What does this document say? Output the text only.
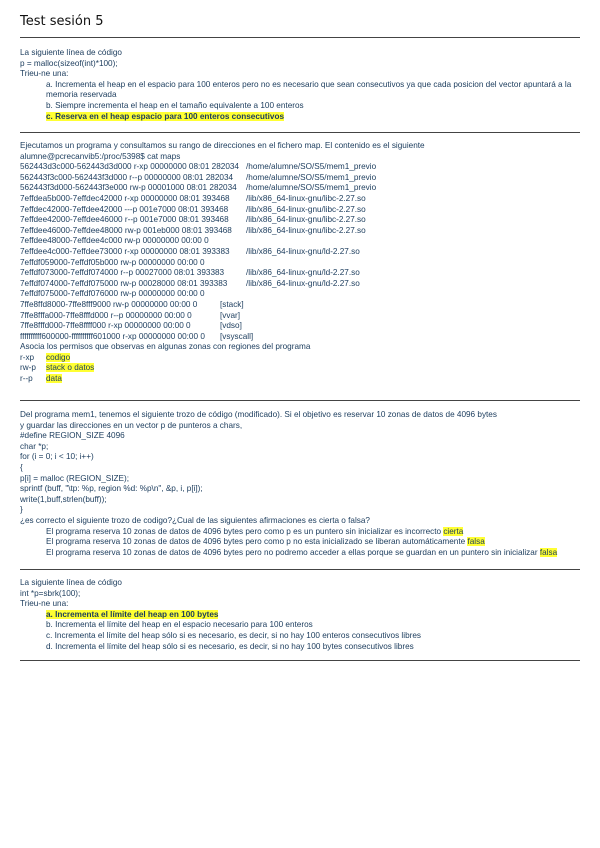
Test sesión 5
La siguiente línea de código
p = malloc(sizeof(int)*100);
Trieu-ne una:
a. Incrementa el heap en el espacio para 100 enteros pero no es necesario que sean consecutivos ya que cada posicion del vector apuntará a la
memoria reservada
b. Siempre incrementa el heap en el tamaño equivalente a 100 enteros
c. Reserva en el heap espacio para 100 enteros consecutivos
Ejecutamos un programa y consultamos su rango de direcciones en el fichero map. El contenido es el siguiente
alumne@pcrecanvib5:/proc/5398$ cat maps
562443d3c000-562443d3d000 r-xp 00000000 08:01 282034 /home/alumne/SO/S5/mem1_previo
562443f3c000-562443f3d000 r--p 00000000 08:01 282034 /home/alumne/SO/S5/mem1_previo
562443f3d000-562443f3e000 rw-p 00001000 08:01 282034 /home/alumne/SO/S5/mem1_previo
7effdea5b000-7effdec42000 r-xp 00000000 08:01 393468 /lib/x86_64-linux-gnu/libc-2.27.so
7effdec42000-7effdee42000 ---p 001e7000 08:01 393468 /lib/x86_64-linux-gnu/libc-2.27.so
7effdee42000-7effdee46000 r--p 001e7000 08:01 393468 /lib/x86_64-linux-gnu/libc-2.27.so
7effdee46000-7effdee48000 rw-p 001eb000 08:01 393468 /lib/x86_64-linux-gnu/libc-2.27.so
7effdee48000-7effdee4c000 rw-p 00000000 00:00 0
7effdee4c000-7effdee73000 r-xp 00000000 08:01 393383 /lib/x86_64-linux-gnu/ld-2.27.so
7effdf059000-7effdf05b000 rw-p 00000000 00:00 0
7effdf073000-7effdf074000 r--p 00027000 08:01 393383	/lib/x86_64-linux-gnu/ld-2.27.so
7effdf074000-7effdf075000 rw-p 00028000 08:01 393383 /lib/x86_64-linux-gnu/ld-2.27.so
7effdf075000-7effdf076000 rw-p 00000000 00:00 0
7ffe8ffd8000-7ffe8fff9000 rw-p 00000000 00:00 0	[stack]
7ffe8fffa000-7ffe8fffd000 r--p 00000000 00:00 0	[vvar]
7ffe8fffd000-7ffe8ffff000 r-xp 00000000 00:00 0	[vdso]
ffffffffff600000-ffffffffff601000 r-xp 00000000 00:00 0 [vsyscall]
Asocia los permisos que observas en algunas zonas con regiones del programa
r-xp codigo
rw-p stack o datos
r--p data
Del programa mem1, tenemos el siguiente trozo de código (modificado). Si el objetivo es reservar 10 zonas de datos de 4096 bytes
y guardar las direcciones en un vector p de punteros a chars,
#define REGION_SIZE 4096
char *p;
for (i = 0; i < 10; i++)
{
p[i] = malloc (REGION_SIZE);
sprintf (buff, "\tp: %p, region %d: %p\n", &p, i, p[i]);
write(1,buff,strlen(buff));
}
¿es correcto el siguiente trozo de codigo?¿Cual de las siguientes afirmaciones es cierta o falsa?
El programa reserva 10 zonas de datos de 4096 bytes pero como p es un puntero sin inicializar es incorrecto cierta
El programa reserva 10 zonas de datos de 4096 bytes pero como p no esta inicializado se liberan automáticamente falsa
El programa reserva 10 zonas de datos de 4096 bytes pero no podremo acceder a ellas porque se guardan en un puntero sin inicializar falsa
La siguiente línea de código
int *p=sbrk(100);
Trieu-ne una:
a. Incrementa el límite del heap en 100 bytes
b. Incrementa el límite del heap en el espacio necesario para 100 enteros
c. Incrementa el límite del heap sólo si es necesario, es decir, si no hay 100 enteros consecutivos libres
d. Incrementa el límite del heap sólo si es necesario, es decir, si no hay 100 bytes consecutivos libres
